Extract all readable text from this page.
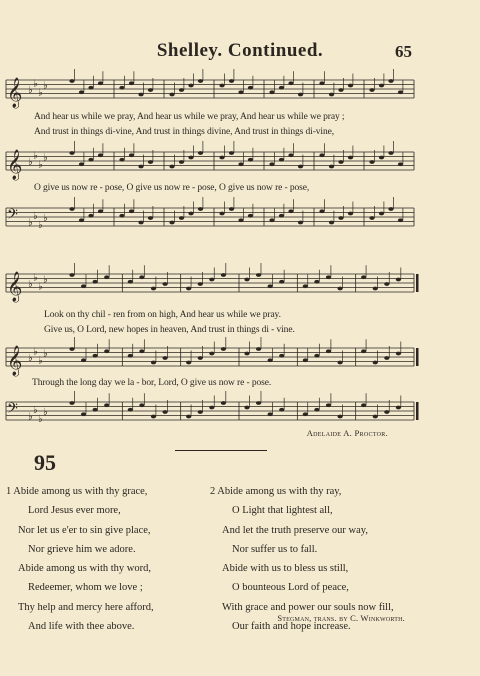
Shelley. Continued.	65
𝄞 ♭
♭
♭
♭
And hear us while we pray, And hear us while we pray, And hear us while we pray ;
And trust in things di-vine, And trust in things divine, And trust in things di-vine,
𝄞 ♭
♭
♭
♭
O give us now re - pose, O give us now re - pose, O give us now re - pose,
𝄢 ♭
♭
♭
♭
𝄞 ♭
♭
♭
♭
Look on thy chil - ren from on high, And hear us while we pray.
Give us, O Lord, new hopes in heaven, And trust in things di - vine.
𝄞 ♭
♭
♭
♭
Through the long day we la - bor, Lord, O give us now re - pose.
𝄢 ♭
♭
♭
♭
Adelaide A. Proctor.
95
1 Abide among us with thy grace,
Lord Jesus ever more,
Nor let us e'er to sin give place,
Nor grieve him we adore.
Abide among us with thy word,
Redeemer, whom we love ;
Thy help and mercy here afford,
And life with thee above.
2 Abide among us with thy ray,
O Light that lightest all,
And let the truth preserve our way,
Nor suffer us to fall.
Abide with us to bless us still,
O bounteous Lord of peace,
With grace and power our souls now fill,
Our faith and hope increase.
Stegman, trans. by C. Winkworth.
